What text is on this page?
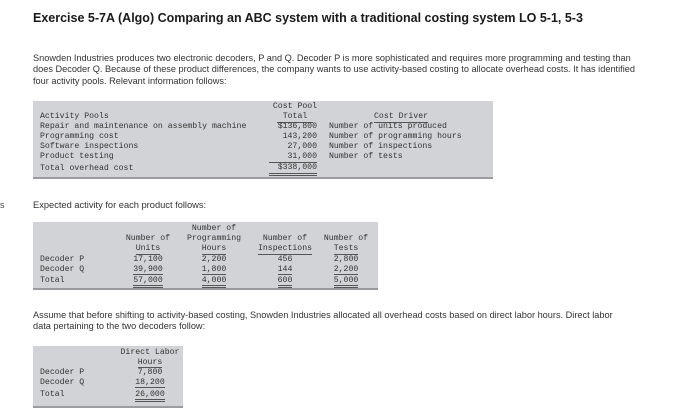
Exercise 5-7A (Algo) Comparing an ABC system with a traditional costing system LO 5-1, 5-3
Snowden Industries produces two electronic decoders, P and Q. Decoder P is more sophisticated and requires more programming and testing than does Decoder Q. Because of these product differences, the company wants to use activity-based costing to allocate overhead costs. It has identified four activity pools. Relevant information follows:
s
Cost Pool
Activity Pools	Total	Cost Driver
Repair and maintenance on assembly machine	$136,800 Number of units produced
Programming cost	143,200 Number of programming hours
Software inspections	27,000 Number of inspections
Product testing	31,000 Number of tests
Total overhead cost	$338,000
Expected activity for each product follows:
Number of
Units
Number of
Programming
Hours
Number of
Inspections
Number of
Tests
Decoder P	17,100	2,200	456	2,800
Decoder Q	39,900	1,800	144	2,200
Total	57,000	4,000	600	5,000
Assume that before shifting to activity-based costing, Snowden Industries allocated all overhead costs based on direct labor hours. Direct labor data pertaining to the two decoders follow:
Direct Labor
Hours
Decoder P	7,800
Decoder Q	18,200
Total	26,000
